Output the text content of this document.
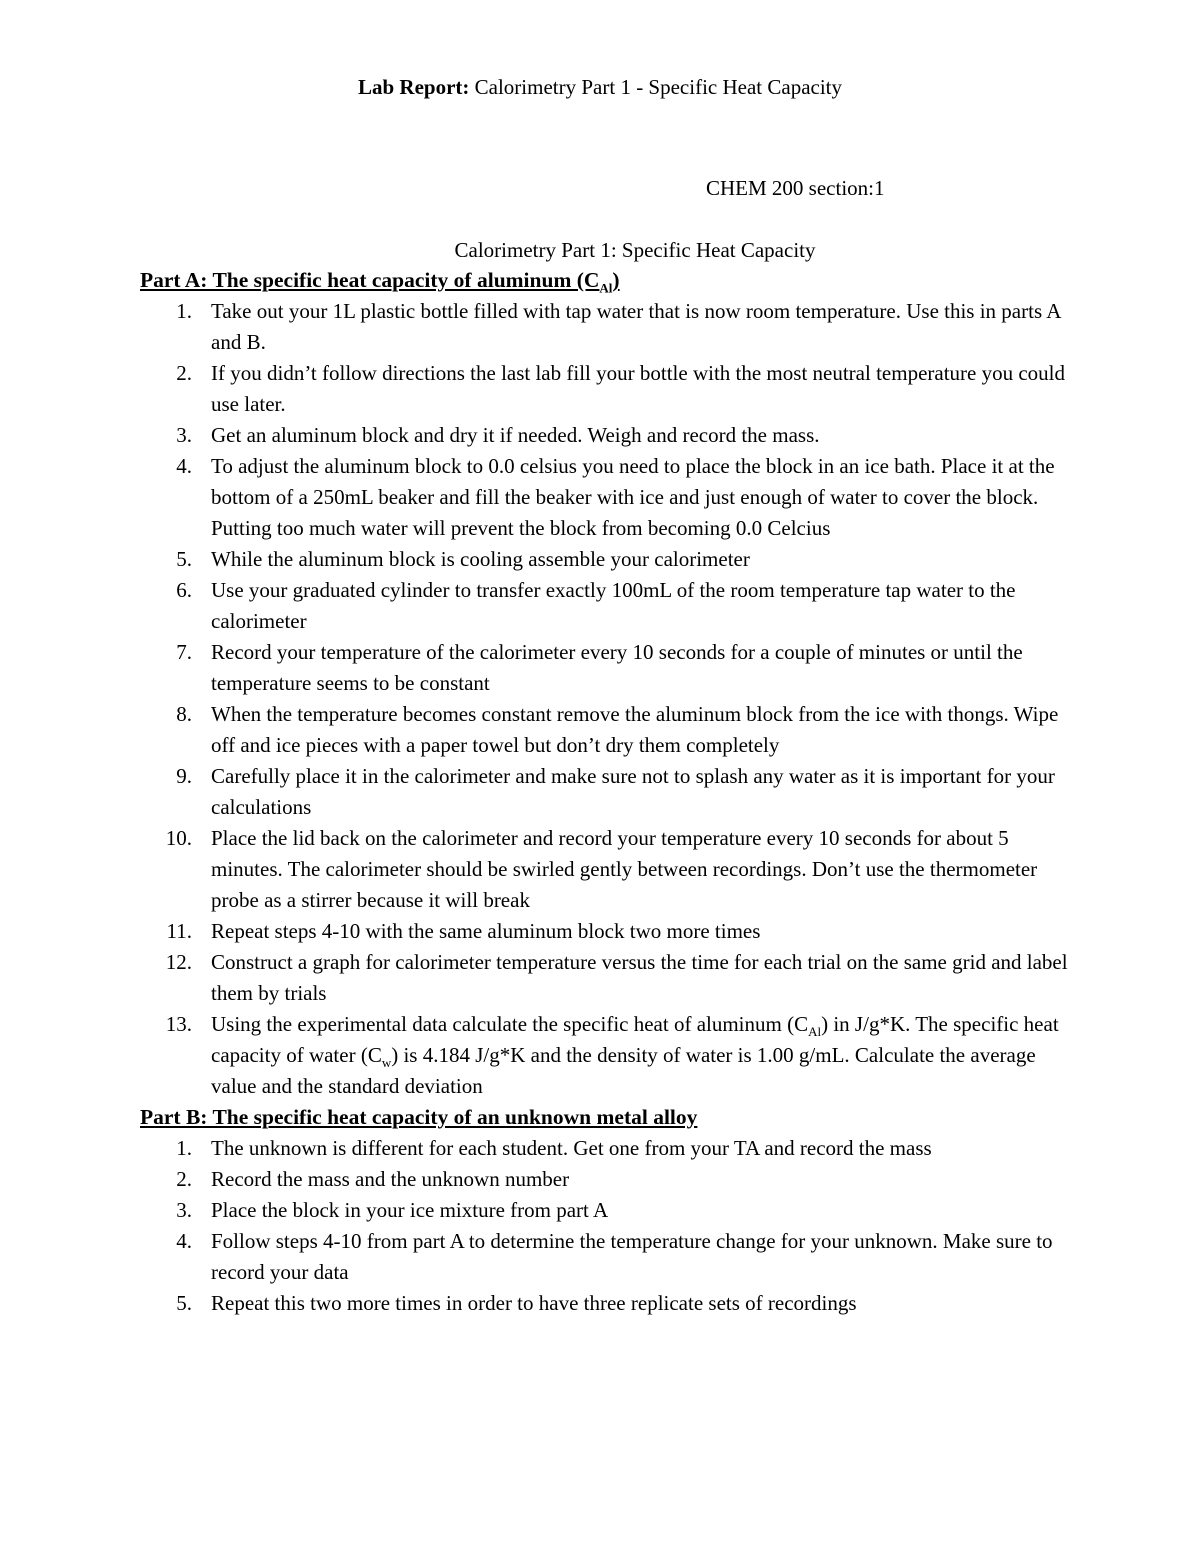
Lab Report: Calorimetry Part 1 - Specific Heat Capacity
CHEM 200 section:1
Calorimetry Part 1: Specific Heat Capacity
Part A: The specific heat capacity of aluminum $(C_{Al})$
1. Take out your 1L plastic bottle filled with tap water that is now room temperature. Use this in parts A and B.
2. If you didn’t follow directions the last lab fill your bottle with the most neutral temperature you could use later.
3. Get an aluminum block and dry it if needed. Weigh and record the mass.
4. To adjust the aluminum block to 0.0 celsius you need to place the block in an ice bath. Place it at the bottom of a 250mL beaker and fill the beaker with ice and just enough of water to cover the block. Putting too much water will prevent the block from becoming 0.0 Celcius
5. While the aluminum block is cooling assemble your calorimeter
6. Use your graduated cylinder to transfer exactly 100mL of the room temperature tap water to the calorimeter
7. Record your temperature of the calorimeter every 10 seconds for a couple of minutes or until the temperature seems to be constant
8. When the temperature becomes constant remove the aluminum block from the ice with thongs. Wipe off and ice pieces with a paper towel but don’t dry them completely
9. Carefully place it in the calorimeter and make sure not to splash any water as it is important for your calculations
10. Place the lid back on the calorimeter and record your temperature every 10 seconds for about 5 minutes. The calorimeter should be swirled gently between recordings. Don’t use the thermometer probe as a stirrer because it will break
11. Repeat steps 4-10 with the same aluminum block two more times
12. Construct a graph for calorimeter temperature versus the time for each trial on the same grid and label them by trials
13. Using the experimental data calculate the specific heat of aluminum $(C_{Al})$ in J/g*K. The specific heat capacity of water $(C_w)$ is 4.184 J/g*K and the density of water is 1.00 g/mL. Calculate the average value and the standard deviation
Part B: The specific heat capacity of an unknown metal alloy
1. The unknown is different for each student. Get one from your TA and record the mass
2. Record the mass and the unknown number
3. Place the block in your ice mixture from part A
4. Follow steps 4-10 from part A to determine the temperature change for your unknown. Make sure to record your data
5. Repeat this two more times in order to have three replicate sets of recordings
